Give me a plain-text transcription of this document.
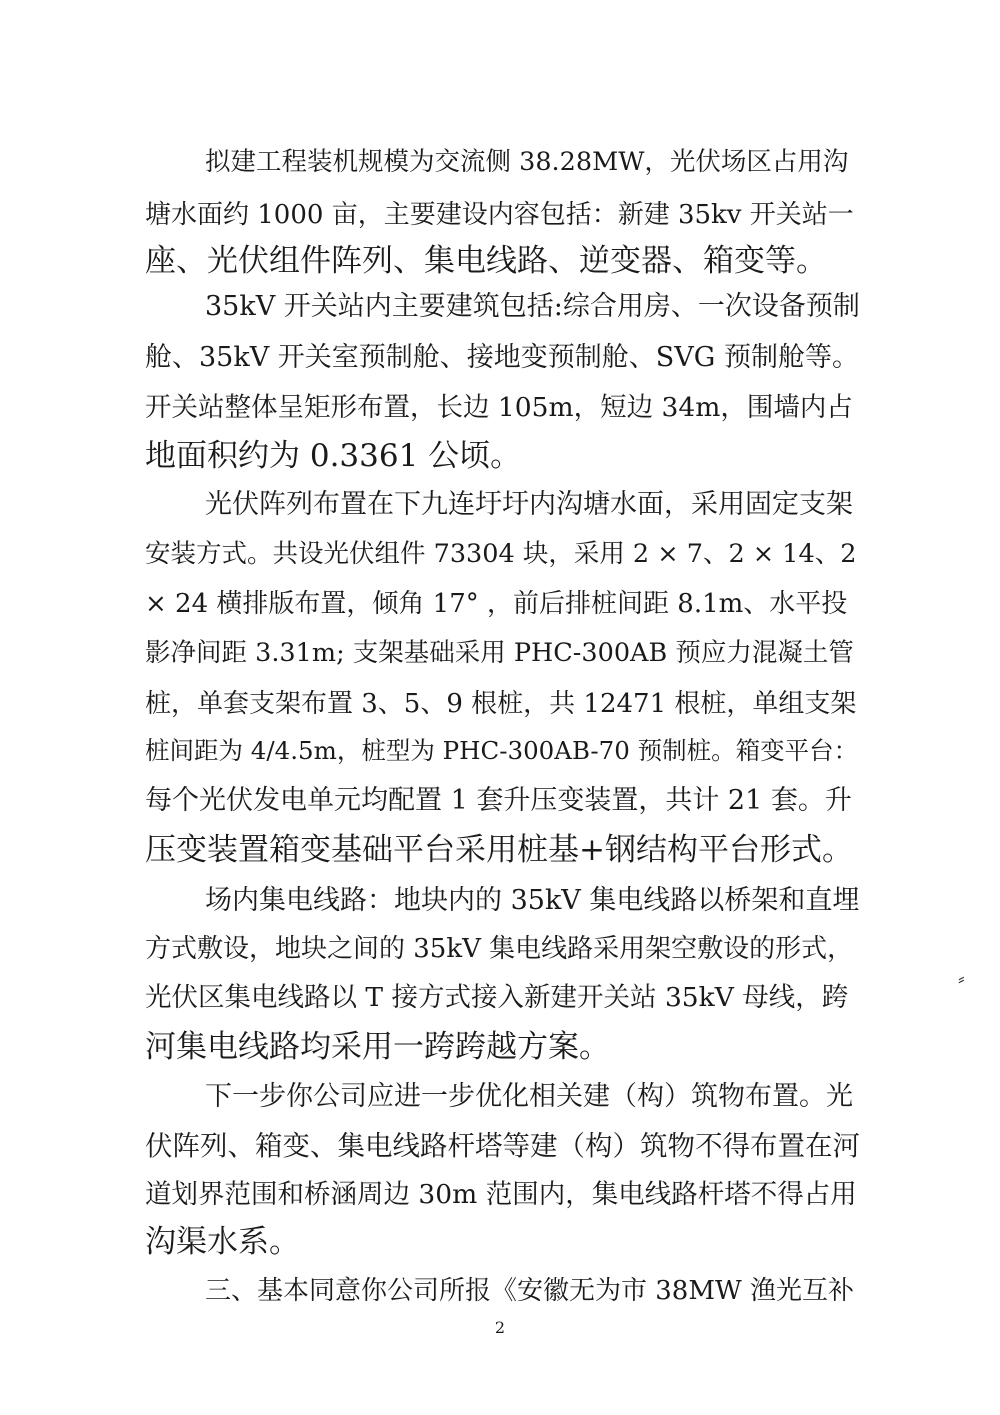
拟建工程装机规模为交流侧 38.28MW，光伏场区占用沟
塘水面约 1000 亩，主要建设内容包括：新建 35kv 开关站一
座、光伏组件阵列、集电线路、逆变器、箱变等。
35kV 开关站内主要建筑包括:综合用房、一次设备预制
舱、35kV 开关室预制舱、接地变预制舱、SVG 预制舱等。
开关站整体呈矩形布置，长边 105m，短边 34m，围墙内占
地面积约为 0.3361 公顷。
光伏阵列布置在下九连圩圩内沟塘水面，采用固定支架
安装方式。共设光伏组件 73304 块，采用 2 × 7、2 × 14、2
× 24 横排版布置，倾角 17° ，前后排桩间距 8.1m、水平投
影净间距 3.31m; 支架基础采用 PHC-300AB 预应力混凝土管
桩，单套支架布置 3、5、9 根桩，共 12471 根桩，单组支架
桩间距为 4/4.5m，桩型为 PHC-300AB-70 预制桩。箱变平台：
每个光伏发电单元均配置 1 套升压变装置，共计 21 套。升
压变装置箱变基础平台采用桩基+钢结构平台形式。
场内集电线路：地块内的 35kV 集电线路以桥架和直埋
方式敷设，地块之间的 35kV 集电线路采用架空敷设的形式，
光伏区集电线路以 T 接方式接入新建开关站 35kV 母线，跨
河集电线路均采用一跨跨越方案。
下一步你公司应进一步优化相关建（构）筑物布置。光
伏阵列、箱变、集电线路杆塔等建（构）筑物不得布置在河
道划界范围和桥涵周边 30m 范围内，集电线路杆塔不得占用
沟渠水系。
三、基本同意你公司所报《安徽无为市 38MW 渔光互补
⸗
2
